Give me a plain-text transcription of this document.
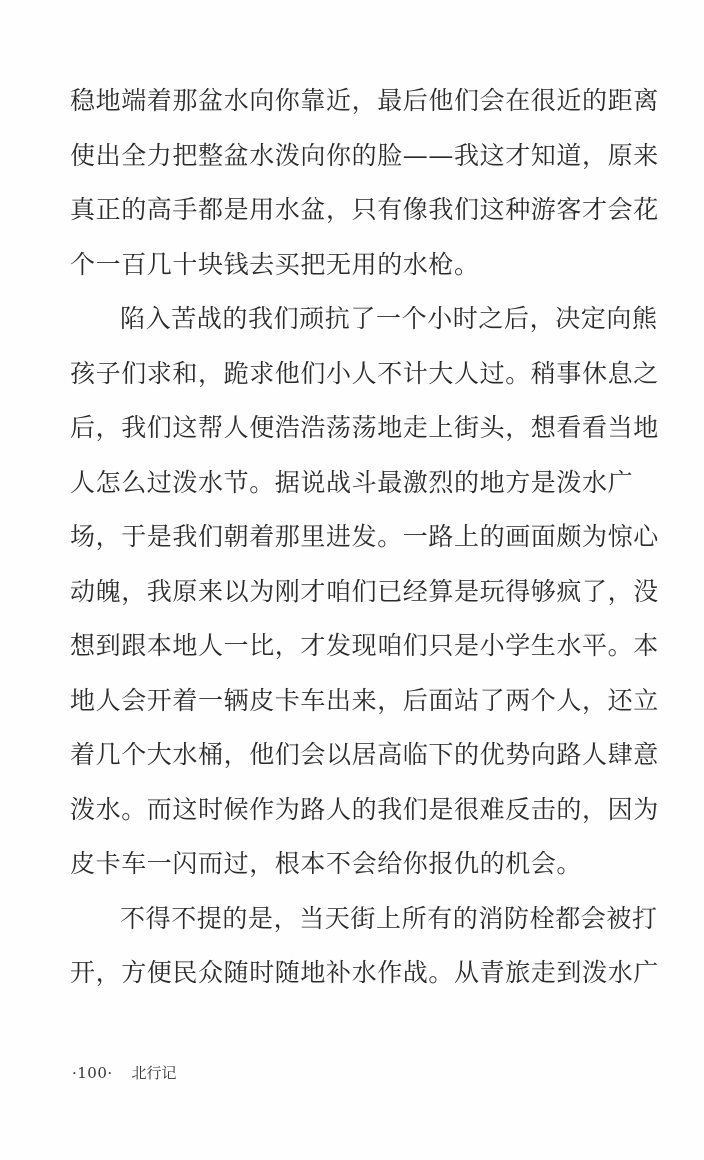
稳地端着那盆水向你靠近，最后他们会在很近的距离
使出全力把整盆水泼向你的脸——我这才知道，原来
真正的高手都是用水盆，只有像我们这种游客才会花
个一百几十块钱去买把无用的水枪。
陷入苦战的我们顽抗了一个小时之后，决定向熊
孩子们求和，跪求他们小人不计大人过。稍事休息之
后，我们这帮人便浩浩荡荡地走上街头，想看看当地
人怎么过泼水节。据说战斗最激烈的地方是泼水广
场，于是我们朝着那里进发。一路上的画面颇为惊心
动魄，我原来以为刚才咱们已经算是玩得够疯了，没
想到跟本地人一比，才发现咱们只是小学生水平。本
地人会开着一辆皮卡车出来，后面站了两个人，还立
着几个大水桶，他们会以居高临下的优势向路人肆意
泼水。而这时候作为路人的我们是很难反击的，因为
皮卡车一闪而过，根本不会给你报仇的机会。
不得不提的是，当天街上所有的消防栓都会被打
开，方便民众随时随地补水作战。从青旅走到泼水广
·100· 北行记
